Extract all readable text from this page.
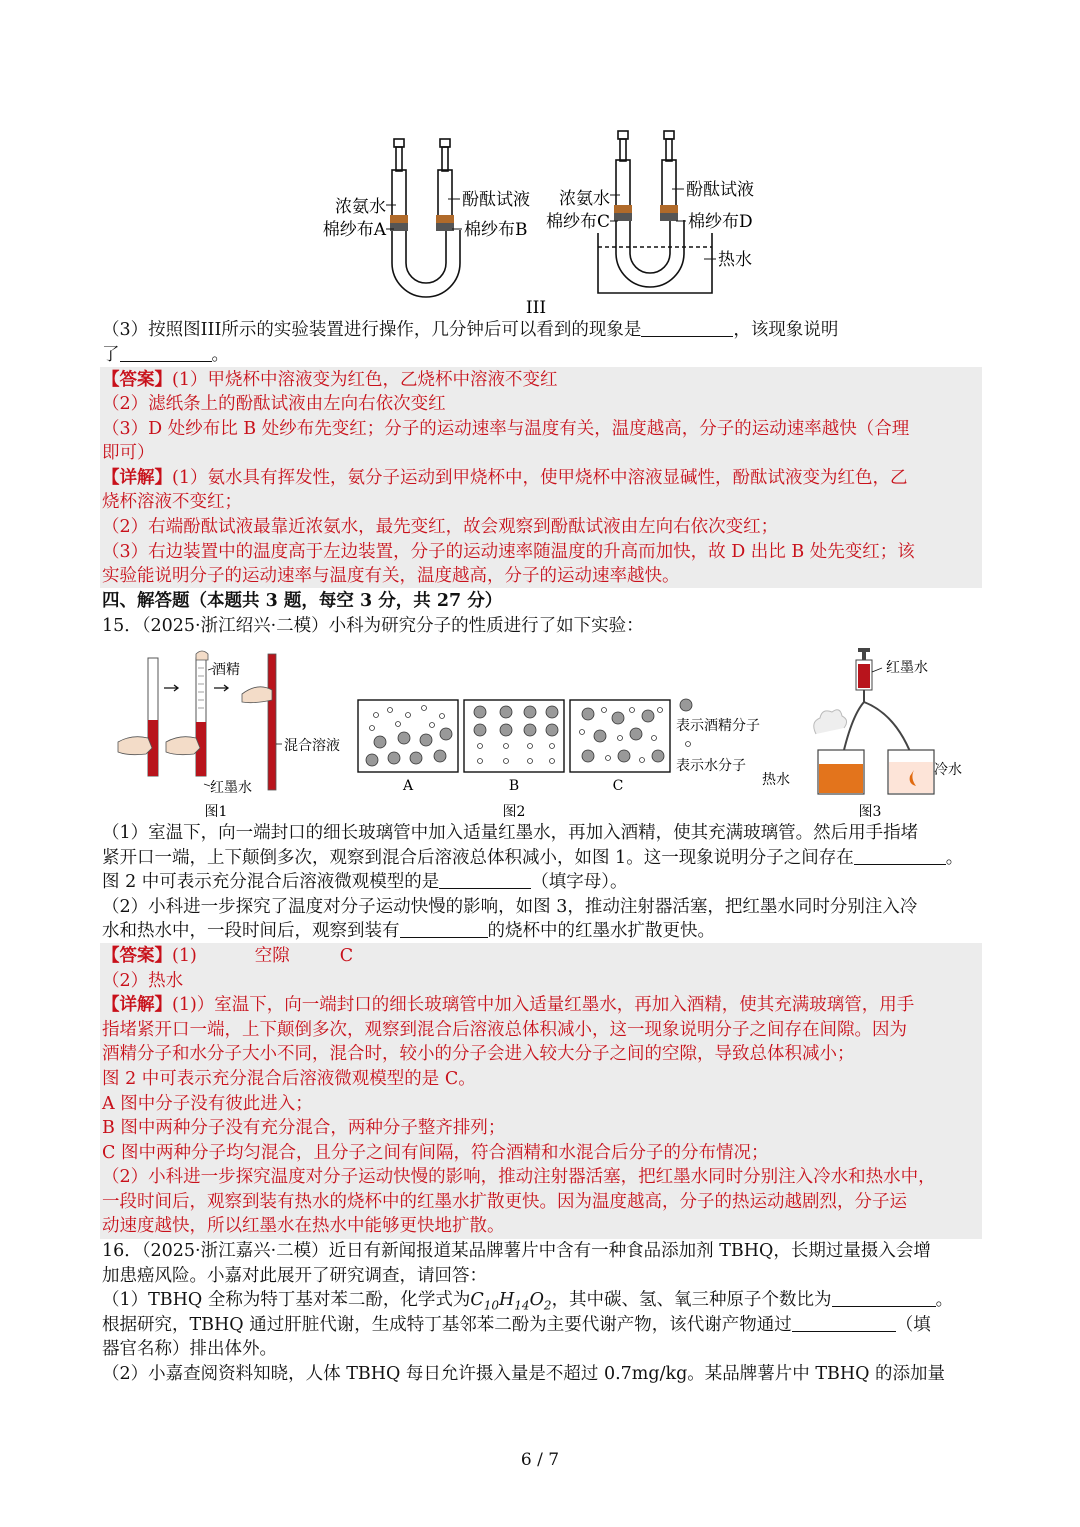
浓氨水
棉纱布A
酚酞试液
棉纱布B
浓氨水
棉纱布C
酚酞试液
棉纱布D
热水
III
（3）按照图III所示的实验装置进行操作，几分钟后可以看到的现象是	，该现象说明
了	。
【答案】(1）甲烧杯中溶液变为红色，乙烧杯中溶液不变红
（2）滤纸条上的酚酞试液由左向右依次变红
（3）D 处纱布比 B 处纱布先变红；分子的运动速率与温度有关，温度越高，分子的运动速率越快（合理
即可）
【详解】(1）氨水具有挥发性，氨分子运动到甲烧杯中，使甲烧杯中溶液显碱性，酚酞试液变为红色，乙
烧杯溶液不变红；
（2）右端酚酞试液最靠近浓氨水，最先变红，故会观察到酚酞试液由左向右依次变红；
（3）右边装置中的温度高于左边装置，分子的运动速率随温度的升高而加快，故 D 出比 B 处先变红；该
实验能说明分子的运动速率与温度有关，温度越高，分子的运动速率越快。
四、解答题（本题共 3 题，每空 3 分，共 27 分）
15．（2025·浙江绍兴·二模）小科为研究分子的性质进行了如下实验：
酒精
混合溶液
红墨水
图1
A	B	C
表示酒精分子
表示水分子
图2
红墨水
热水
冷水
图3
（1）室温下，向一端封口的细长玻璃管中加入适量红墨水，再加入酒精，使其充满玻璃管。然后用手指堵
紧开口一端，上下颠倒多次，观察到混合后溶液总体积减小，如图 1。这一现象说明分子之间存在	。
图 2 中可表示充分混合后溶液微观模型的是	（填字母）。
（2）小科进一步探究了温度对分子运动快慢的影响，如图 3，推动注射器活塞，把红墨水同时分别注入冷
水和热水中，一段时间后，观察到装有	的烧杯中的红墨水扩散更快。
【答案】(1)	空隙	C
（2）热水
【详解】(1)）室温下，向一端封口的细长玻璃管中加入适量红墨水，再加入酒精，使其充满玻璃管，用手
指堵紧开口一端，上下颠倒多次，观察到混合后溶液总体积减小，这一现象说明分子之间存在间隙。因为
酒精分子和水分子大小不同，混合时，较小的分子会进入较大分子之间的空隙，导致总体积减小；
图 2 中可表示充分混合后溶液微观模型的是 C。
A 图中分子没有彼此进入；
B 图中两种分子没有充分混合，两种分子整齐排列；
C 图中两种分子均匀混合，且分子之间有间隔，符合酒精和水混合后分子的分布情况；
（2）小科进一步探究温度对分子运动快慢的影响，推动注射器活塞，把红墨水同时分别注入冷水和热水中，
一段时间后，观察到装有热水的烧杯中的红墨水扩散更快。因为温度越高，分子的热运动越剧烈，分子运
动速度越快，所以红墨水在热水中能够更快地扩散。
16．（2025·浙江嘉兴·二模）近日有新闻报道某品牌薯片中含有一种食品添加剂 TBHQ，长期过量摄入会增
加患癌风险。小嘉对此展开了研究调查，请回答：
（1）TBHQ 全称为特丁基对苯二酚，化学式为$C_{10}H_{14}O_2$，其中碳、氢、氧三种原子个数比为	。
根据研究，TBHQ 通过肝脏代谢，生成特丁基邻苯二酚为主要代谢产物，该代谢产物通过	（填
器官名称）排出体外。
（2）小嘉查阅资料知晓，人体 TBHQ 每日允许摄入量是不超过 0.7mg/kg。某品牌薯片中 TBHQ 的添加量
6 / 7
